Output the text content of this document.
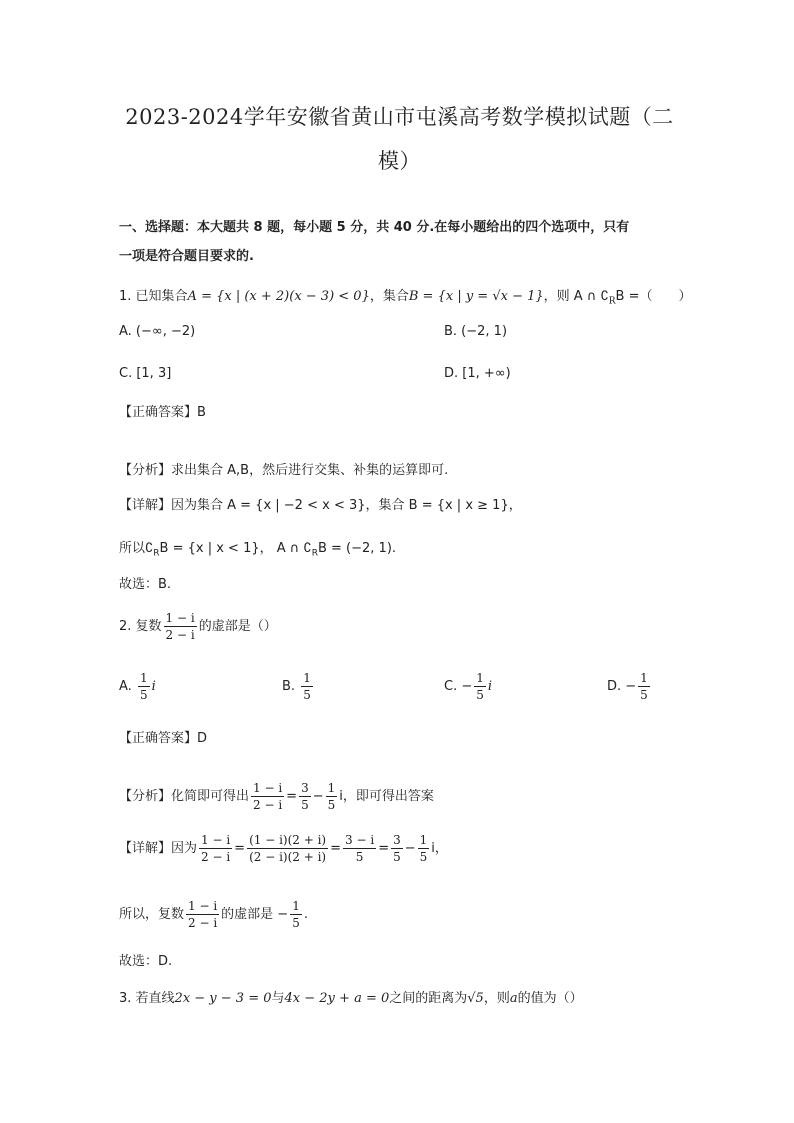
2023-2024学年安徽省黄山市屯溪高考数学模拟试题（二
模）
一、选择题：本大题共 8 题，每小题 5 分，共 40 分.在每小题给出的四个选项中，只有
一项是符合题目要求的.
1. 已知集合A = {x | (x + 2)(x − 3) < 0}，集合B = {x | y = √x − 1}，则 A ∩ $∁_RB$ =（　　）
A. (−∞, −2)	B. (−2, 1)
C. [1, 3]	D. [1, +∞)
【正确答案】B
【分析】求出集合 A,B，然后进行交集、补集的运算即可.
【详解】因为集合 A = {x | −2 < x < 3}，集合 B = {x | x ≥ 1}，
所以$∁_RB = \{x$ | x < 1}， A ∩ $∁_RB = (-2$, 1).
故选：B.
2. 复数 $\frac{1 - i}{2 - i}$ 的虚部是（）
A. $\frac{1}{5}$ i	B. $\frac{1}{5}$	C. − $\frac{1}{5}$ i	D. − $\frac{1}{5}$
【正确答案】D
【分析】化简即可得出 $\frac{1 - i}{2 - i} = \frac{3}{5} - \frac{1}{5}$ i，即可得出答案
【详解】因为 $\frac{1 - i}{2 - i} = \frac{(1 - i)(2 + i)}{(2 - i)(2 + i)} = \frac{3 - i}{5} = \frac{3}{5} - \frac{1}{5}$ i，
所以，复数 $\frac{1 - i}{2 - i}$ 的虚部是 − $\frac{1}{5}$ .
故选：D.
3. 若直线2x − y − 3 = 0与4x − 2y + a = 0之间的距离为√5，则a的值为（）
